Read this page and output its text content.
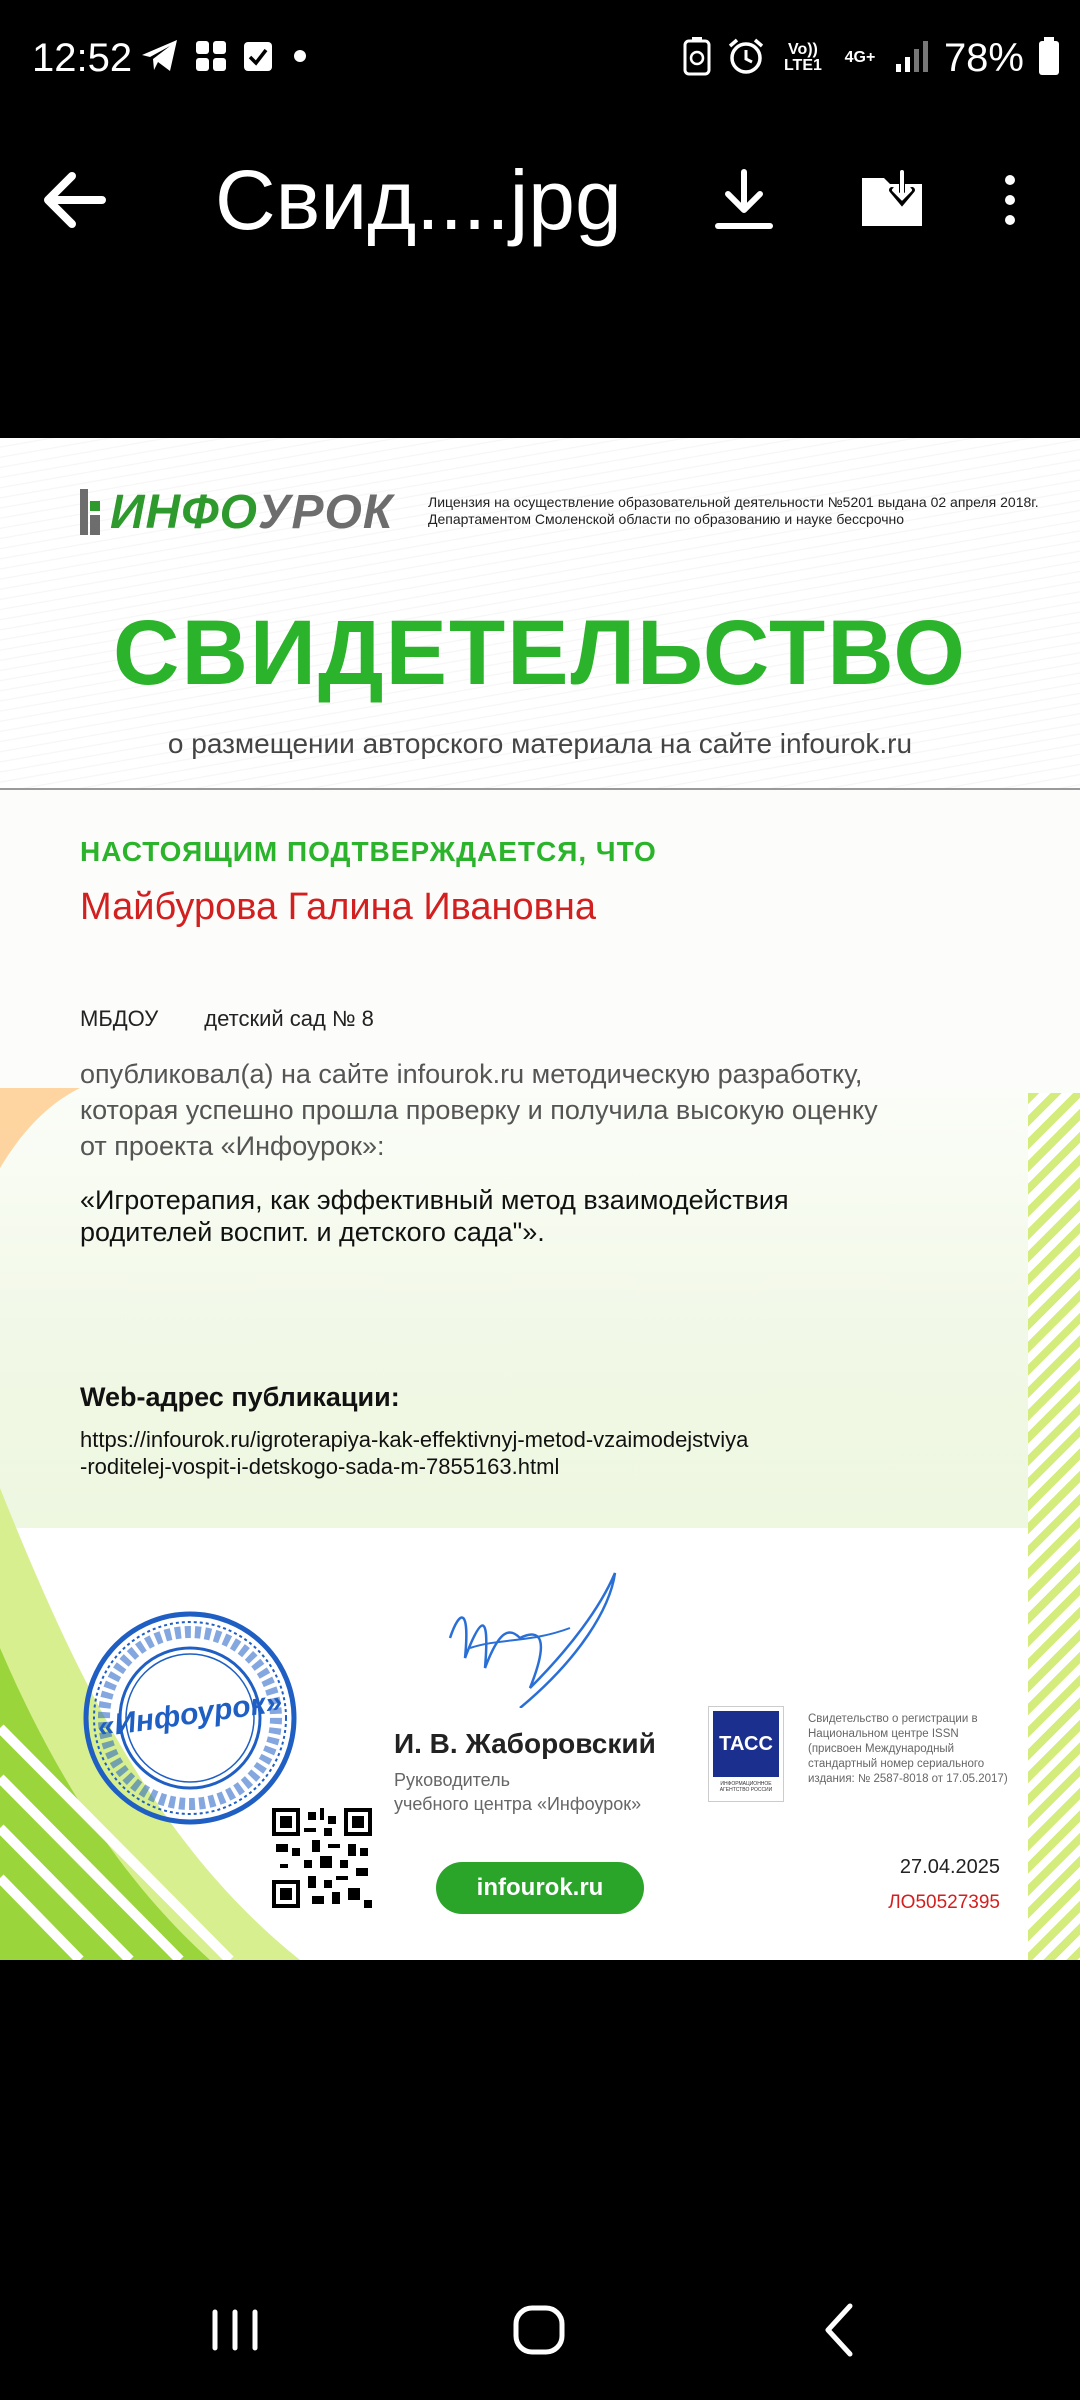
12:52	Vo)) LTE1 4G+ 78%
Свид....jpg
ИНФО УРОК Лицензия на осуществление образовательной деятельности №5201 выдана 02 апреля 2018г. Департаментом Смоленской области по образованию и науке бессрочно
СВИДЕТЕЛЬСТВО
о размещении авторского материала на сайте infourok.ru
НАСТОЯЩИМ ПОДТВЕРЖДАЕТСЯ, ЧТО
Майбурова Галина Ивановна
МБДОУ детский сад № 8
опубликовал(а) на сайте infourok.ru методическую разработку, которая успешно прошла проверку и получила высокую оценку от проекта «Инфоурок»:
«Игротерапия, как эффективный метод взаимодействия родителей воспит. и детского сада"».
Web-адрес публикации:
https://infourok.ru/igroterapiya-kak-effektivnyj-metod-vzaimodejstviya
-roditelej-vospit-i-detskogo-sada-m-7855163.html
«Инфоурок»	И. В. Жаборовский
Руководитель
учебного центра «Инфоурок»
ТАСС
ИНФОРМАЦИОННОЕ АГЕНТСТВО РОССИИ
Свидетельство о регистрации в Национальном центре ISSN (присвоен Международный стандартный номер сериального издания: № 2587-8018 от 17.05.2017)
infourok.ru
27.04.2025
ЛО50527395
